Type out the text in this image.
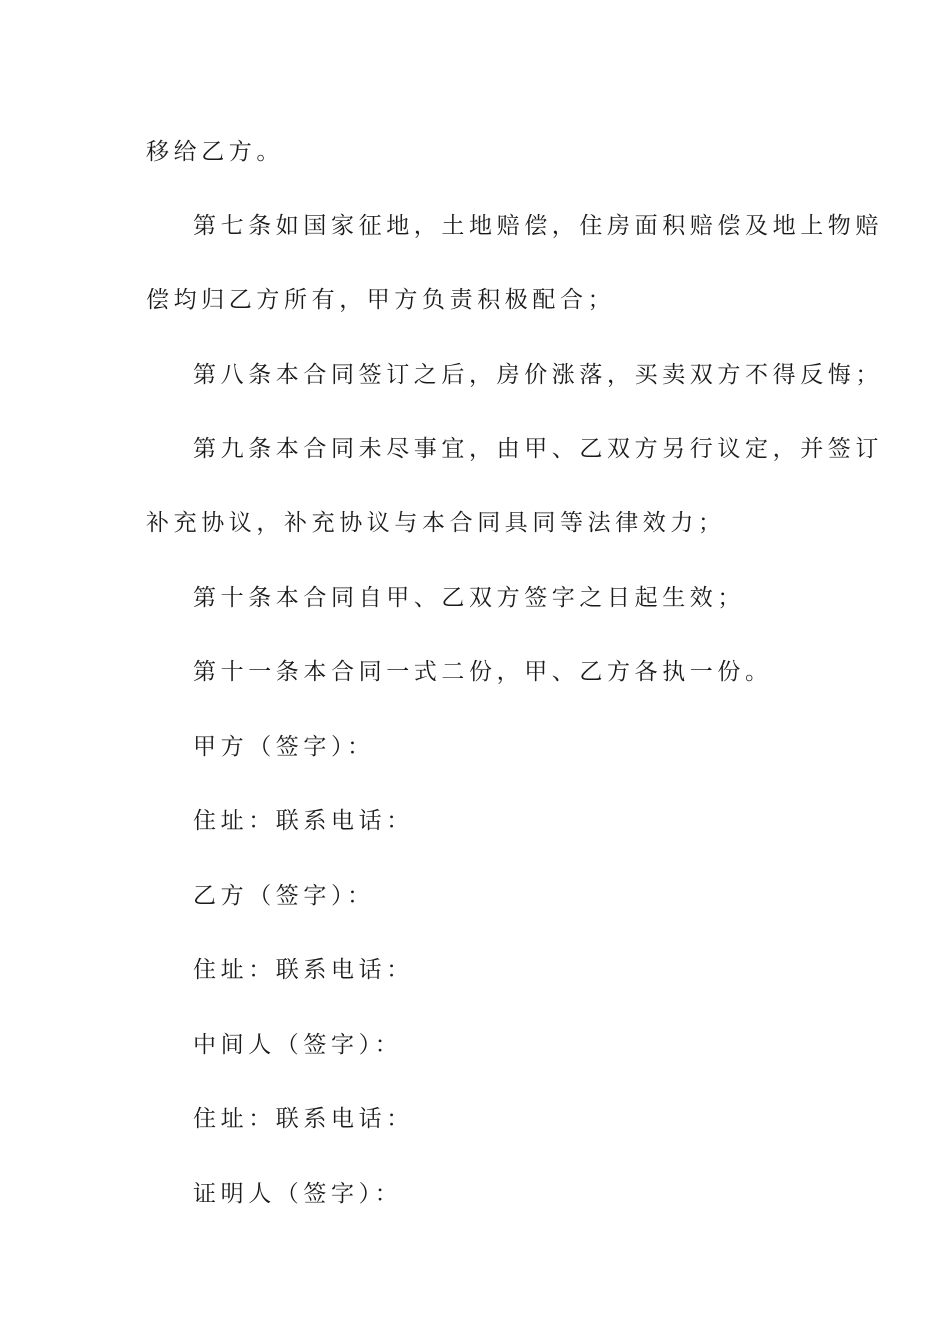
移给乙方。
第七条如国家征地，土地赔偿，住房面积赔偿及地上物赔
偿均归乙方所有，甲方负责积极配合；
第八条本合同签订之后，房价涨落，买卖双方不得反悔；
第九条本合同未尽事宜，由甲、乙双方另行议定，并签订
补充协议，补充协议与本合同具同等法律效力；
第十条本合同自甲、乙双方签字之日起生效；
第十一条本合同一式二份，甲、乙方各执一份。
甲方（签字）：
住址：联系电话：
乙方（签字）：
住址：联系电话：
中间人（签字）：
住址：联系电话：
证明人（签字）：
